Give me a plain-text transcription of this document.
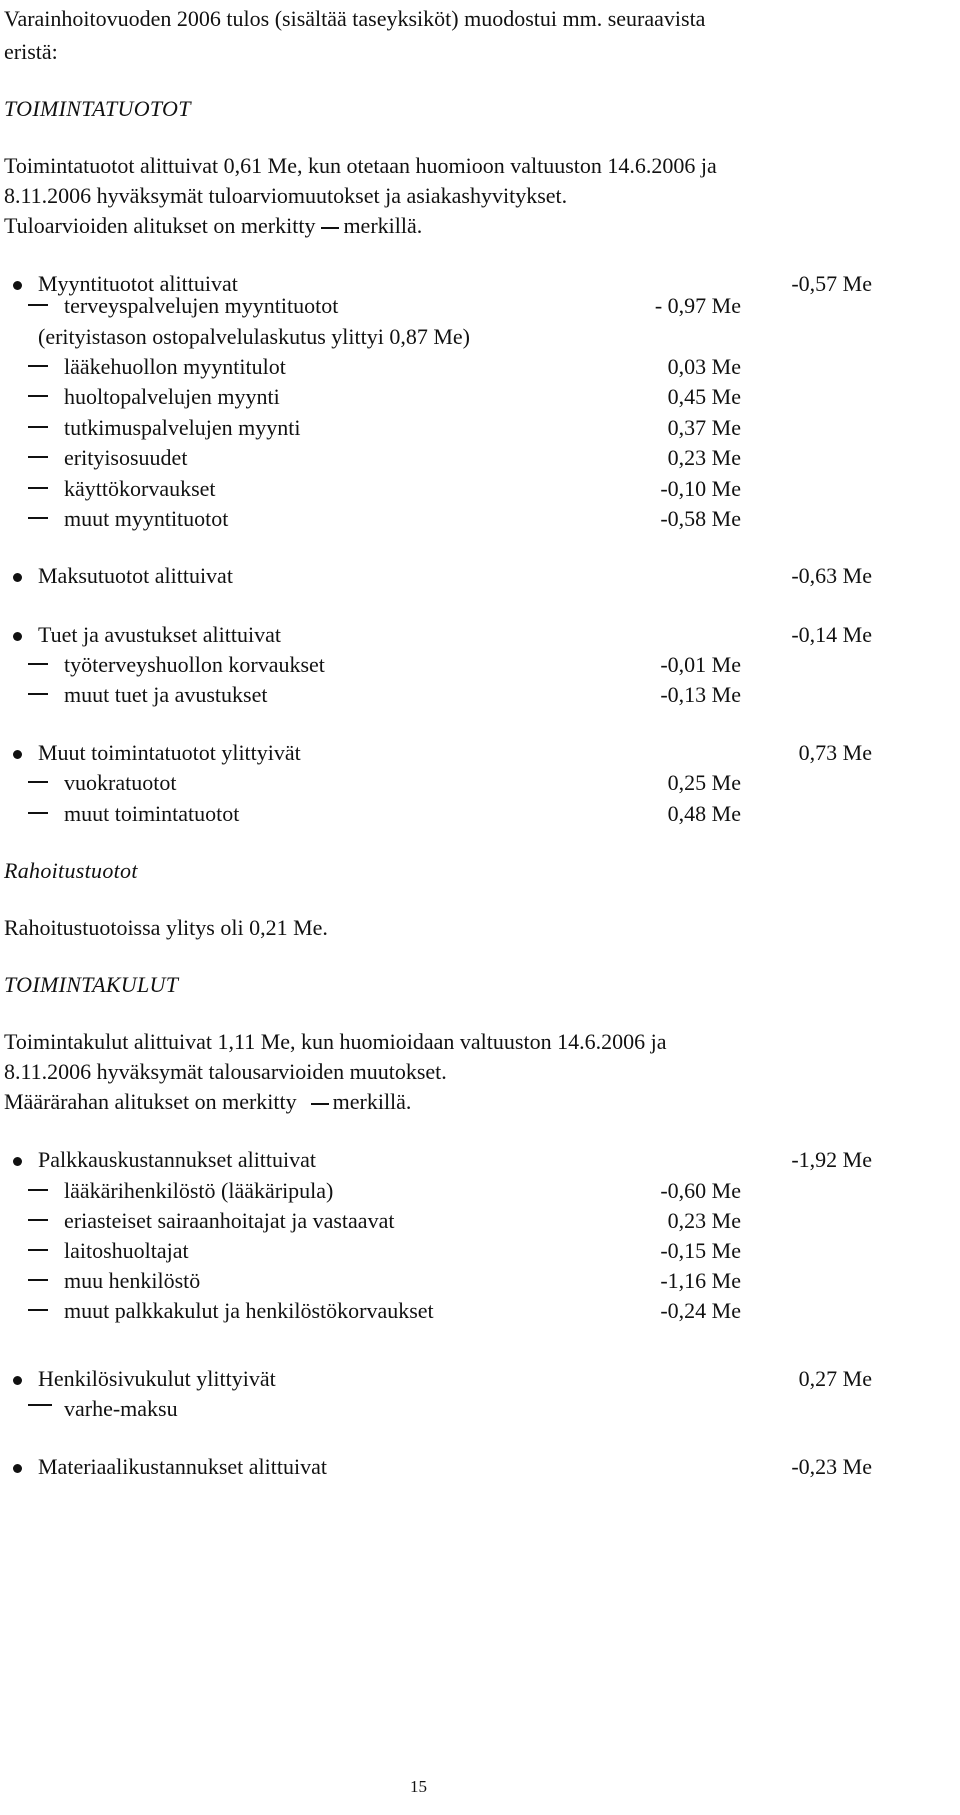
Varainhoitovuoden 2006 tulos (sisältää taseyksiköt) muodostui mm. seuraavista
eristä:
TOIMINTATUOTOT
Toimintatuotot alittuivat 0,61 Me, kun otetaan huomioon valtuuston 14.6.2006 ja
8.11.2006 hyväksymät tuloarviomuutokset ja asiakashyvitykset.
Tuloarvioiden alitukset on merkitty merkillä.
Myyntituotot alittuivat	-0,57 Me
terveyspalvelujen myyntituotot	- 0,97 Me
(erityistason ostopalvelulaskutus ylittyi 0,87 Me)
lääkehuollon myyntitulot	0,03 Me
huoltopalvelujen myynti	0,45 Me
tutkimuspalvelujen myynti	0,37 Me
erityisosuudet	0,23 Me
käyttökorvaukset	-0,10 Me
muut myyntituotot	-0,58 Me
Maksutuotot alittuivat	-0,63 Me
Tuet ja avustukset alittuivat	-0,14 Me
työterveyshuollon korvaukset	-0,01 Me
muut tuet ja avustukset	-0,13 Me
Muut toimintatuotot ylittyivät	0,73 Me
vuokratuotot	0,25 Me
muut toimintatuotot	0,48 Me
Rahoitustuotot
Rahoitustuotoissa ylitys oli 0,21 Me.
TOIMINTAKULUT
Toimintakulut alittuivat 1,11 Me, kun huomioidaan valtuuston 14.6.2006 ja
8.11.2006 hyväksymät talousarvioiden muutokset.
Määrärahan alitukset on merkitty merkillä.
Palkkauskustannukset alittuivat	-1,92 Me
lääkärihenkilöstö (lääkäripula)	-0,60 Me
eriasteiset sairaanhoitajat ja vastaavat	0,23 Me
laitoshuoltajat	-0,15 Me
muu henkilöstö	-1,16 Me
muut palkkakulut ja henkilöstökorvaukset	-0,24 Me
Henkilösivukulut ylittyivät	0,27 Me
varhe-maksu
Materiaalikustannukset alittuivat	-0,23 Me
15
